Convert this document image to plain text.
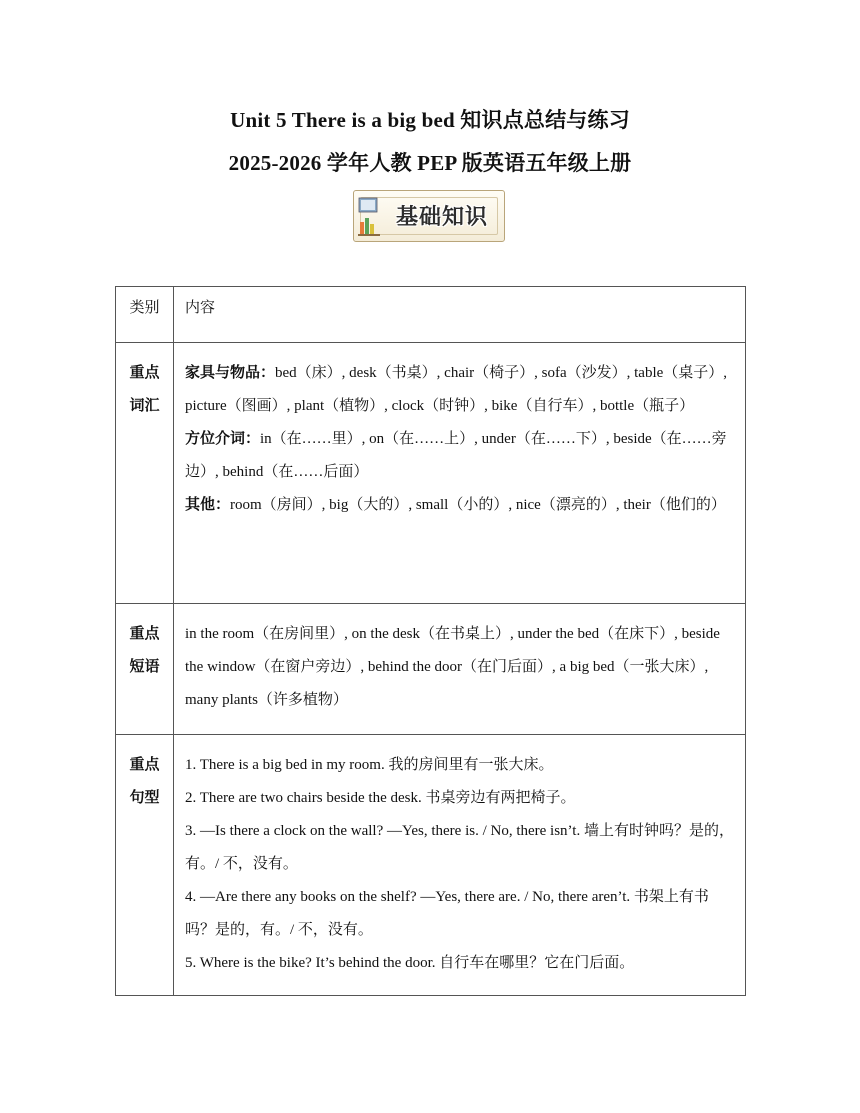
Unit 5 There is a big bed 知识点总结与练习
2025-2026 学年人教 PEP 版英语五年级上册
基础知识
类别	内容

重点词汇	家具与物品：bed（床）, desk（书桌）, chair（椅子）, sofa（沙发）, table（桌子）, picture（图画）, plant（植物）, clock（时钟）, bike（自行车）, bottle（瓶子）
方位介词：in（在……里）, on（在……上）, under（在……下）, beside（在……旁边）, behind（在……后面）
其他：room（房间）, big（大的）, small（小的）, nice（漂亮的）, their（他们的）

重点短语	in the room（在房间里）, on the desk（在书桌上）, under the bed（在床下）, beside the window（在窗户旁边）, behind the door（在门后面）, a big bed（一张大床）, many plants（许多植物）

重点句型	1. There is a big bed in my room. 我的房间里有一张大床。
2. There are two chairs beside the desk. 书桌旁边有两把椅子。
3. —Is there a clock on the wall? —Yes, there is. / No, there isn’t. 墙上有时钟吗？是的，有。/ 不，没有。
4. —Are there any books on the shelf? —Yes, there are. / No, there aren’t. 书架上有书吗？是的，有。/ 不，没有。
5. Where is the bike? It’s behind the door. 自行车在哪里？它在门后面。
